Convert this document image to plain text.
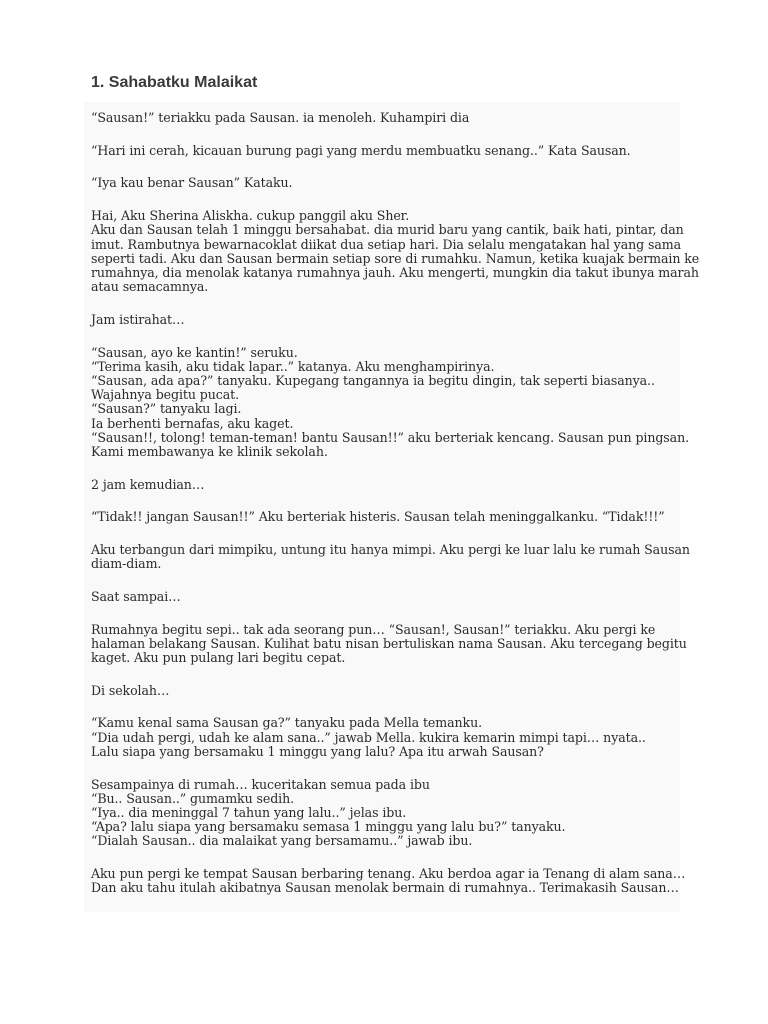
1. Sahabatku Malaikat

“Sausan!” teriakku pada Sausan. ia menoleh. Kuhampiri dia

“Hari ini cerah, kicauan burung pagi yang merdu membuatku senang..” Kata Sausan.

“Iya kau benar Sausan” Kataku.

Hai, Aku Sherina Aliskha. cukup panggil aku Sher.
Aku dan Sausan telah 1 minggu bersahabat. dia murid baru yang cantik, baik hati, pintar, dan
imut. Rambutnya bewarnacoklat diikat dua setiap hari. Dia selalu mengatakan hal yang sama
seperti tadi. Aku dan Sausan bermain setiap sore di rumahku. Namun, ketika kuajak bermain ke
rumahnya, dia menolak katanya rumahnya jauh. Aku mengerti, mungkin dia takut ibunya marah
atau semacamnya.

Jam istirahat…

“Sausan, ayo ke kantin!” seruku.
“Terima kasih, aku tidak lapar..” katanya. Aku menghampirinya.
“Sausan, ada apa?” tanyaku. Kupegang tangannya ia begitu dingin, tak seperti biasanya..
Wajahnya begitu pucat.
“Sausan?” tanyaku lagi.
Ia berhenti bernafas, aku kaget.
“Sausan!!, tolong! teman-teman! bantu Sausan!!” aku berteriak kencang. Sausan pun pingsan.
Kami membawanya ke klinik sekolah.

2 jam kemudian…

“Tidak!! jangan Sausan!!” Aku berteriak histeris. Sausan telah meninggalkanku. “Tidak!!!”

Aku terbangun dari mimpiku, untung itu hanya mimpi. Aku pergi ke luar lalu ke rumah Sausan
diam-diam.

Saat sampai…

Rumahnya begitu sepi.. tak ada seorang pun… “Sausan!, Sausan!” teriakku. Aku pergi ke
halaman belakang Sausan. Kulihat batu nisan bertuliskan nama Sausan. Aku tercegang begitu
kaget. Aku pun pulang lari begitu cepat.

Di sekolah…

“Kamu kenal sama Sausan ga?” tanyaku pada Mella temanku.
“Dia udah pergi, udah ke alam sana..” jawab Mella. kukira kemarin mimpi tapi… nyata..
Lalu siapa yang bersamaku 1 minggu yang lalu? Apa itu arwah Sausan?

Sesampainya di rumah… kuceritakan semua pada ibu
“Bu.. Sausan..” gumamku sedih.
“Iya.. dia meninggal 7 tahun yang lalu..” jelas ibu.
“Apa? lalu siapa yang bersamaku semasa 1 minggu yang lalu bu?” tanyaku.
“Dialah Sausan.. dia malaikat yang bersamamu..” jawab ibu.

Aku pun pergi ke tempat Sausan berbaring tenang. Aku berdoa agar ia Tenang di alam sana…
Dan aku tahu itulah akibatnya Sausan menolak bermain di rumahnya.. Terimakasih Sausan…
